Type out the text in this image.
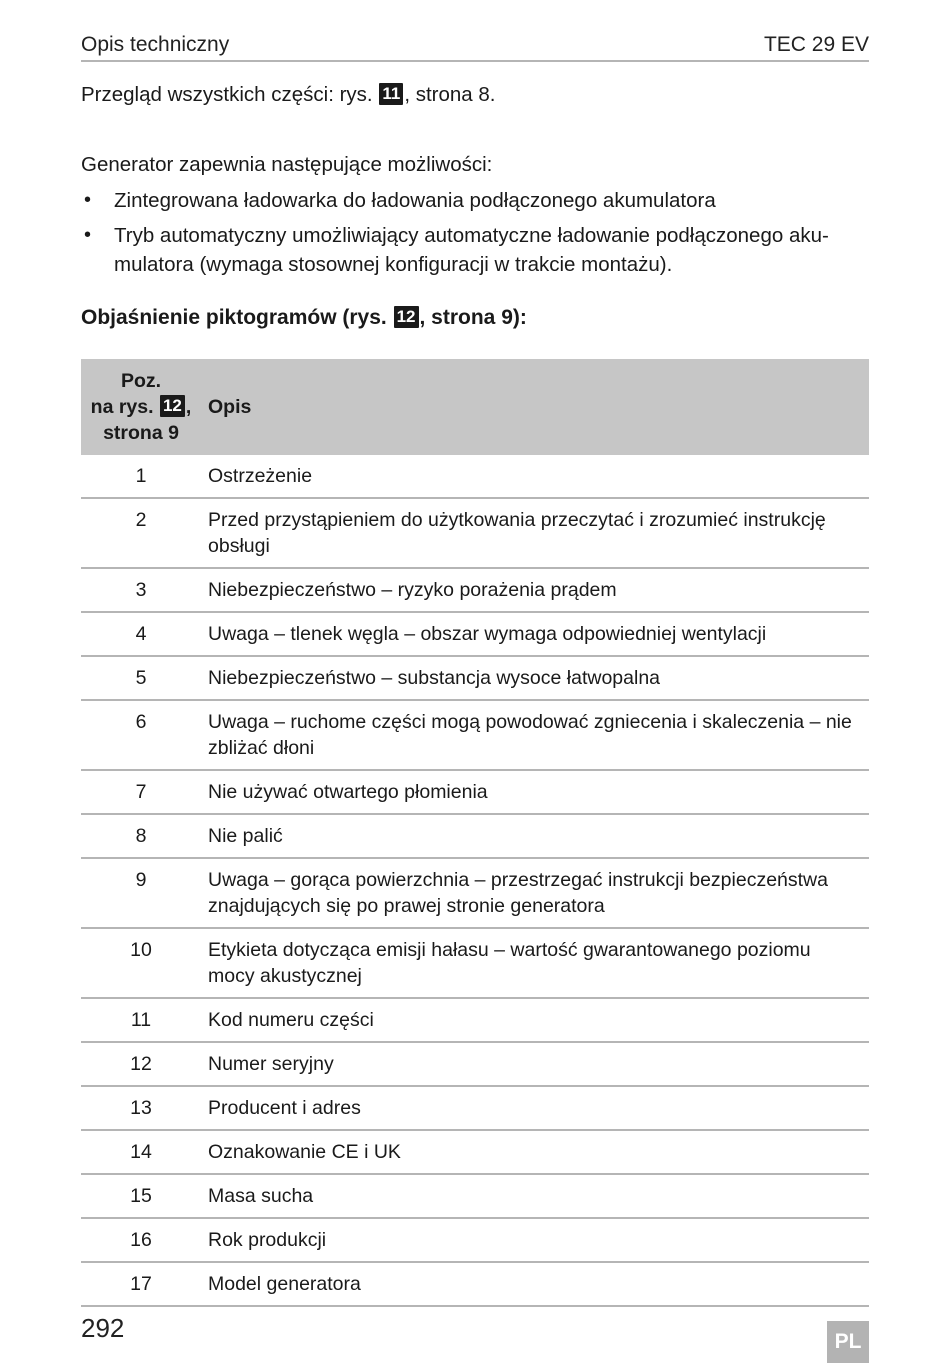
Opis techniczny	TEC 29 EV
Przegląd wszystkich części: rys. 11 , strona 8.
Generator zapewnia następujące możliwości:
• Zintegrowana ładowarka do ładowania podłączonego akumulatora
• Tryb automatyczny umożliwiający automatyczne ładowanie podłączonego akumulatora (wymaga stosownej konfiguracji w trakcie montażu).
Objaśnienie piktogramów (rys. 12 , strona 9):
Poz.
na rys. 12 ,
strona 9	Opis
1	Ostrzeżenie
2	Przed przystąpieniem do użytkowania przeczytać i zrozumieć instrukcję obsługi
3	Niebezpieczeństwo – ryzyko porażenia prądem
4	Uwaga – tlenek węgla – obszar wymaga odpowiedniej wentylacji
5	Niebezpieczeństwo – substancja wysoce łatwopalna
6	Uwaga – ruchome części mogą powodować zgniecenia i skaleczenia – nie zbliżać dłoni
7	Nie używać otwartego płomienia
8	Nie palić
9	Uwaga – gorąca powierzchnia – przestrzegać instrukcji bezpieczeństwa znajdujących się po prawej stronie generatora
10	Etykieta dotycząca emisji hałasu – wartość gwarantowanego poziomu mocy akustycznej
11	Kod numeru części
12	Numer seryjny
13	Producent i adres
14	Oznakowanie CE i UK
15	Masa sucha
16	Rok produkcji
17	Model generatora
292	PL
